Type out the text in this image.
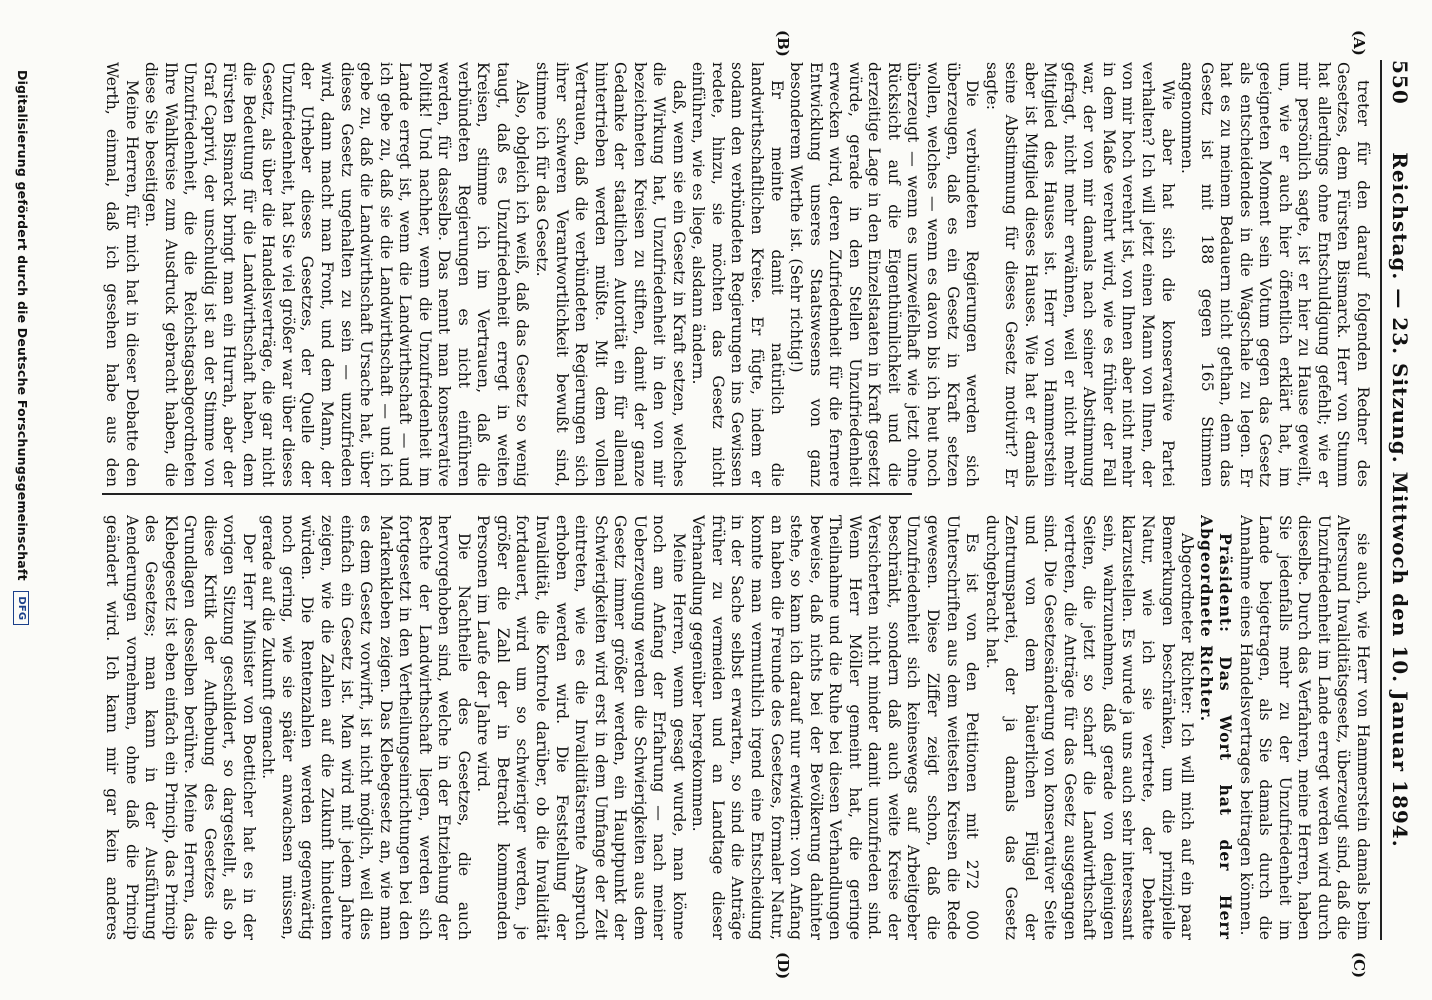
550
Reichstag. — 23. Sitzung. Mittwoch den 10. Januar 1894.
(A)
(B)
(C)
(D)

treter für den darauf folgenden Redner des Gesetzes, dem Fürsten Bismarck. Herr von Stumm hat allerdings ohne Entschuldigung gefehlt; wie er mir persönlich sagte, ist er hier zu Hause geweilt, um, wie er auch hier öffentlich erklärt hat, im geeigneten Moment sein Votum gegen das Gesetz als entscheidendes in die Wagschale zu legen. Er hat es zu meinem Bedauern nicht gethan, denn das Gesetz ist mit 188 gegen 165 Stimmen angenommen.

Wie aber hat sich die konservative Partei verhalten? Ich will jetzt einen Mann von Ihnen, der von mir hoch verehrt ist, von Ihnen aber nicht mehr in dem Maße verehrt wird, wie es früher der Fall war, der von mir damals nach seiner Abstimmung gefragt, nicht mehr erwähnen, weil er nicht mehr Mitglied des Hauses ist. Herr von Hammerstein aber ist Mitglied dieses Hauses. Wie hat er damals seine Abstimmung für dieses Gesetz motivirt? Er sagte:

Die verbündeten Regierungen werden sich überzeugen, daß es ein Gesetz in Kraft setzen wollen, welches — wenn es davon bis ich heut noch überzeugt — wenn es unzweifelhaft wie jetzt ohne Rücksicht auf die Eigenthümlichkeit und die derzeitige Lage in den Einzelstaaten in Kraft gesetzt würde, gerade in den Stellen Unzufriedenheit erwecken wird, deren Zufriedenheit für die fernere Entwicklung unseres Staatswesens von ganz besonderem Werthe ist. (Sehr richtig!)

Er meinte damit natürlich die landwirthschaftlichen Kreise. Er fügte, indem er sodann den verbündeten Regierungen ins Gewissen redete, hinzu, sie möchten das Gesetz nicht einführen, wie es liege, alsdann ändern.

daß, wenn sie ein Gesetz in Kraft setzen, welches die Wirkung hat, Unzufriedenheit in den von mir bezeichneten Kreisen zu stiften, damit der ganze Gedanke der staatlichen Autorität ein für allemal hintertrieben werden müßte. Mit dem vollen Vertrauen, daß die verbündeten Regierungen sich ihrer schweren Verantwortlichkeit bewußt sind, stimme ich für das Gesetz.

Also, obgleich ich weiß, daß das Gesetz so wenig taugt, daß es Unzufriedenheit erregt in weiten Kreisen, stimme ich im Vertrauen, daß die verbündeten Regierungen es nicht einführen werden, für dasselbe. Das nennt man konservative Politik! Und nachher, wenn die Unzufriedenheit im Lande erregt ist, wenn die Landwirthschaft — und ich gebe zu, daß sie die Landwirthschaft — und ich gebe zu, daß die Landwirthschaft Ursache hat, über dieses Gesetz ungehalten zu sein — unzufrieden wird, dann macht man Front, und dem Mann, der der Urheber dieses Gesetzes, der Quelle der Unzufriedenheit, hat Sie viel größer war über dieses Gesetz, als über die Handelsverträge, die gar nicht die Bedeutung für die Landwirthschaft haben, dem Fürsten Bismarck bringt man ein Hurrah, aber der Graf Caprivi, der unschuldig ist an der Stimme von Unzufriedenheit, die die Reichstagsabgeordneten Ihre Wahlkreise zum Ausdruck gebracht haben, die diese Sie beseitigen.

Meine Herren, für mich hat in dieser Debatte den Werth, einmal, daß ich gesehen habe aus den

sie auch, wie Herr von Hammerstein damals beim Altersund Invaliditätsgesetz, überzeugt sind, daß die Unzufriedenheit im Lande erregt werden wird durch dieselbe. Durch das Verfahren, meine Herren, haben Sie jedenfalls mehr zu der Unzufriedenheit im Lande beigetragen, als Sie damals durch die Annahme eines Handelsvertrages beitragen können.

Präsident: Das Wort hat der Herr Abgeordnete Richter.

Abgeordneter Richter: Ich will mich auf ein paar Bemerkungen beschränken, um die prinzipielle Natur, wie ich sie vertrete, der Debatte klarzustellen. Es wurde ja uns auch sehr interessant sein, wahrzunehmen, daß gerade von denjenigen Seiten, die jetzt so scharf die Landwirthschaft vertreten, die Anträge für das Gesetz ausgegangen sind. Die Gesetzesänderung von konservativer Seite und von dem bäuerlichen Flügel der Zentrumspartei, der ja damals das Gesetz durchgebracht hat.

Es ist von den Petitionen mit 272 000 Unterschriften aus dem weitesten Kreisen die Rede gewesen. Diese Ziffer zeigt schon, daß die Unzufriedenheit sich keineswegs auf Arbeitgeber beschränkt, sondern daß auch weite Kreise der Versicherten nicht minder damit unzufrieden sind. Wenn Herr Möller gemeint hat, die geringe Theilnahme und die Ruhe bei diesen Verhandlungen beweise, daß nichts bei der Bevölkerung dahinter stehe, so kann ich darauf nur erwidern: von Anfang an haben die Freunde des Gesetzes, formaler Natur, konnte man vermuthlich irgend eine Entscheidung in der Sache selbst erwarten, so sind die Anträge früher zu vermeiden und an Landtage dieser Verhandlung gegenüber hergekommen.

Meine Herren, wenn gesagt wurde, man könne noch am Anfang der Erfahrung — nach meiner Ueberzeugung werden die Schwierigkeiten aus dem Gesetz immer größer werden, ein Hauptpunkt der Schwierigkeiten wird erst in dem Umfange der Zeit eintreten, wie es die Invaliditätsrente Anspruch erhoben werden wird. Die Feststellung der Invalidität, die Kontrole darüber, ob die Invalidität fortdauert, wird um so schwieriger werden, je größer die Zahl der in Betracht kommenden Personen im Laufe der Jahre wird.

Die Nachtheile des Gesetzes, die auch hervorgehoben sind, welche in der Entziehung der Rechte der Landwirthschaft liegen, werden sich fortgesetzt in den Vertheilungseinrichtungen bei den Markenkleben zeigen. Das Klebegesetz an, wie man es dem Gesetz vorwirft, ist nicht möglich, weil dies einfach ein Gesetz ist. Man wird mit jedem Jahre zeigen, wie die Zahlen auf die Zukunft hindeuten würden. Die Rentenzahlen werden gegenwärtig noch gering, wie sie später anwachsen müssen, gerade auf die Zukunft gemacht.

Der Herr Minister von Boetticher hat es in der vorigen Sitzung geschildert, so dargestellt, als ob diese Kritik der Aufhebung des Gesetzes die Grundlagen desselben berühre. Meine Herren, das Klebegesetz ist eben einfach ein Princip, das Princip des Gesetzes; man kann in der Ausführung Aenderungen vornehmen, ohne daß die Princip geändert wird. Ich kann mir gar kein anderes

Digitalisierung gefördert durch die Deutsche Forschungsgemeinschaft DFG
